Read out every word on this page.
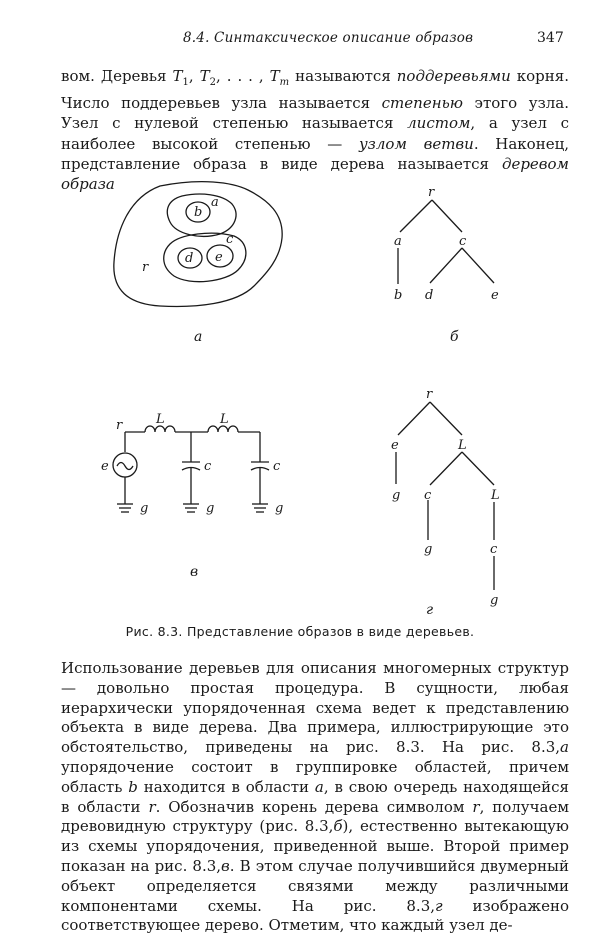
8.4. Синтаксическое описание образов	347
вом. Деревья $T_1$, $T_2$, . . . , $T_m$ называются поддеревьями корня. Число поддеревьев узла называется степенью этого узла. Узел с нулевой степенью называется листом, а узел с наиболее высокой степенью — узлом ветви. Наконец, представление образа в виде дерева называется деревом образа
r
a
b
c
d e
r
a	c
b d	e
r	L	L
e	c	c
g	g	g
r
e	L
g c	L
g	c
g
а	б
в
г
Рис. 8.3. Представление образов в виде деревьев.
Использование деревьев для описания многомерных структур — довольно простая процедура. В сущности, любая иерархически упорядоченная схема ведет к представлению объекта в виде дерева. Два примера, иллюстрирующие это обстоятельство, приведены на рис. 8.3. На рис. 8.3,a упорядочение состоит в группировке областей, причем область b находится в области a, в свою очередь находящейся в области r. Обозначив корень дерева символом r, получаем древовидную структуру (рис. 8.3,б), естественно вытекающую из схемы упорядочения, приведенной выше. Второй пример показан на рис. 8.3,в. В этом случае получившийся двумерный объект определяется связями между различными компонентами схемы. На рис. 8.3,г изображено соответствующее дерево. Отметим, что каждый узел де-
